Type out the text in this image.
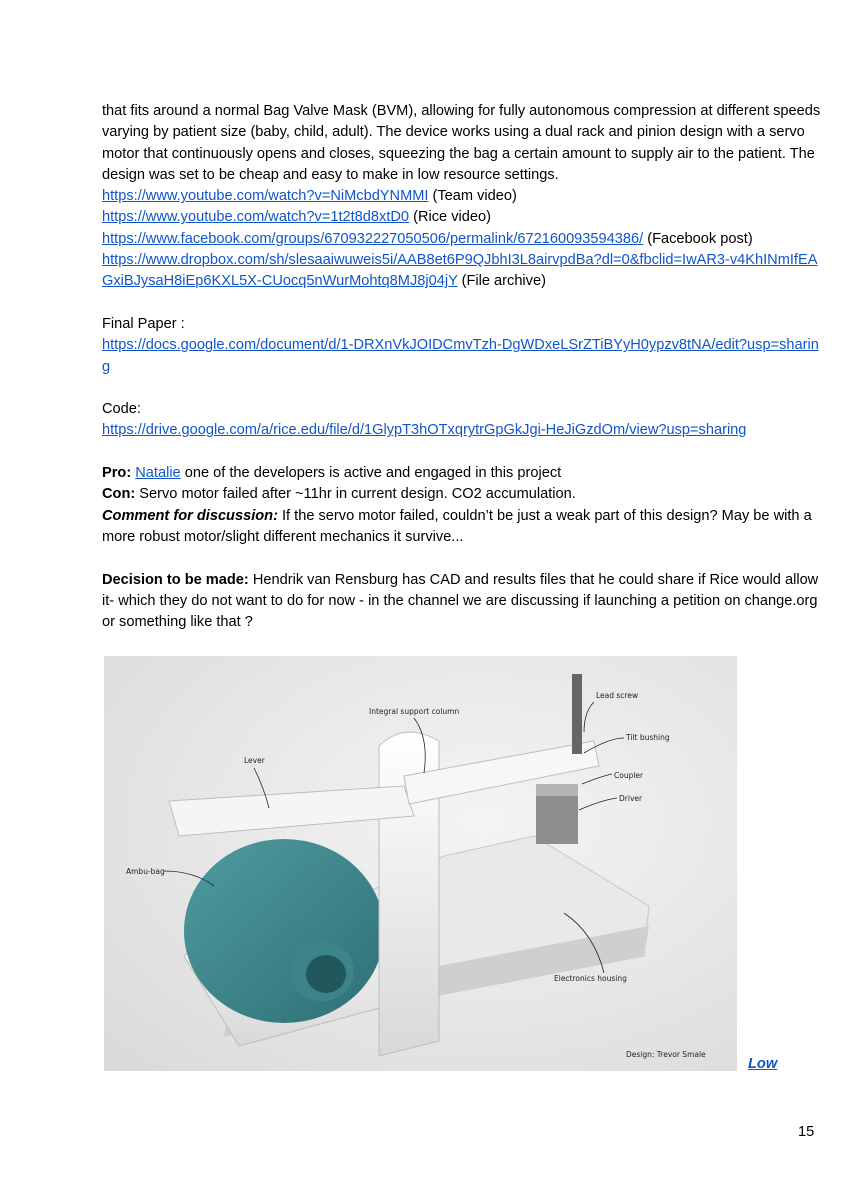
that fits around a normal Bag Valve Mask (BVM), allowing for fully autonomous compression at different speeds varying by patient size (baby, child, adult). The device works using a dual rack and pinion design with a servo motor that continuously opens and closes, squeezing the bag a certain amount to supply air to the patient. The design was set to be cheap and easy to make in low resource settings.

https://www.youtube.com/watch?v=NiMcbdYNMMI (Team video)

https://www.youtube.com/watch?v=1t2t8d8xtD0 (Rice video)

https://www.facebook.com/groups/670932227050506/permalink/672160093594386/ (Facebook post)

https://www.dropbox.com/sh/slesaaiwuweis5i/AAB8et6P9QJbhI3L8airvpdBa?dl=0&fbclid=IwAR3-v4KhINmIfEAGxiBJysaH8iEp6KXL5X-CUocq5nWurMohtq8MJ8j04jY (File archive)

Final Paper :

https://docs.google.com/document/d/1-DRXnVkJOIDCmvTzh-DgWDxeLSrZTiBYyH0ypzv8tNA/edit?usp=sharing

Code:

https://drive.google.com/a/rice.edu/file/d/1GlypT3hOTxqrytrGpGkJgi-HeJiGzdOm/view?usp=sharing

Pro: Natalie one of the developers is active and engaged in this project

Con: Servo motor failed after ~11hr in current design. CO2 accumulation.

Comment for discussion: If the servo motor failed, couldn’t be just a weak part of this design? May be with a more robust motor/slight different mechanics it survive...

Decision to be made: Hendrik van Rensburg has CAD and results files that he could share if Rice would allow it- which they do not want to do for now - in the channel we are discussing if launching a petition on change.org or something like that ?

Lead screw
Integral support column
Tilt bushing
Lever
Coupler
Driver
Ambu-bag
Electronics housing
Design: Trevor Smale
Low
15
